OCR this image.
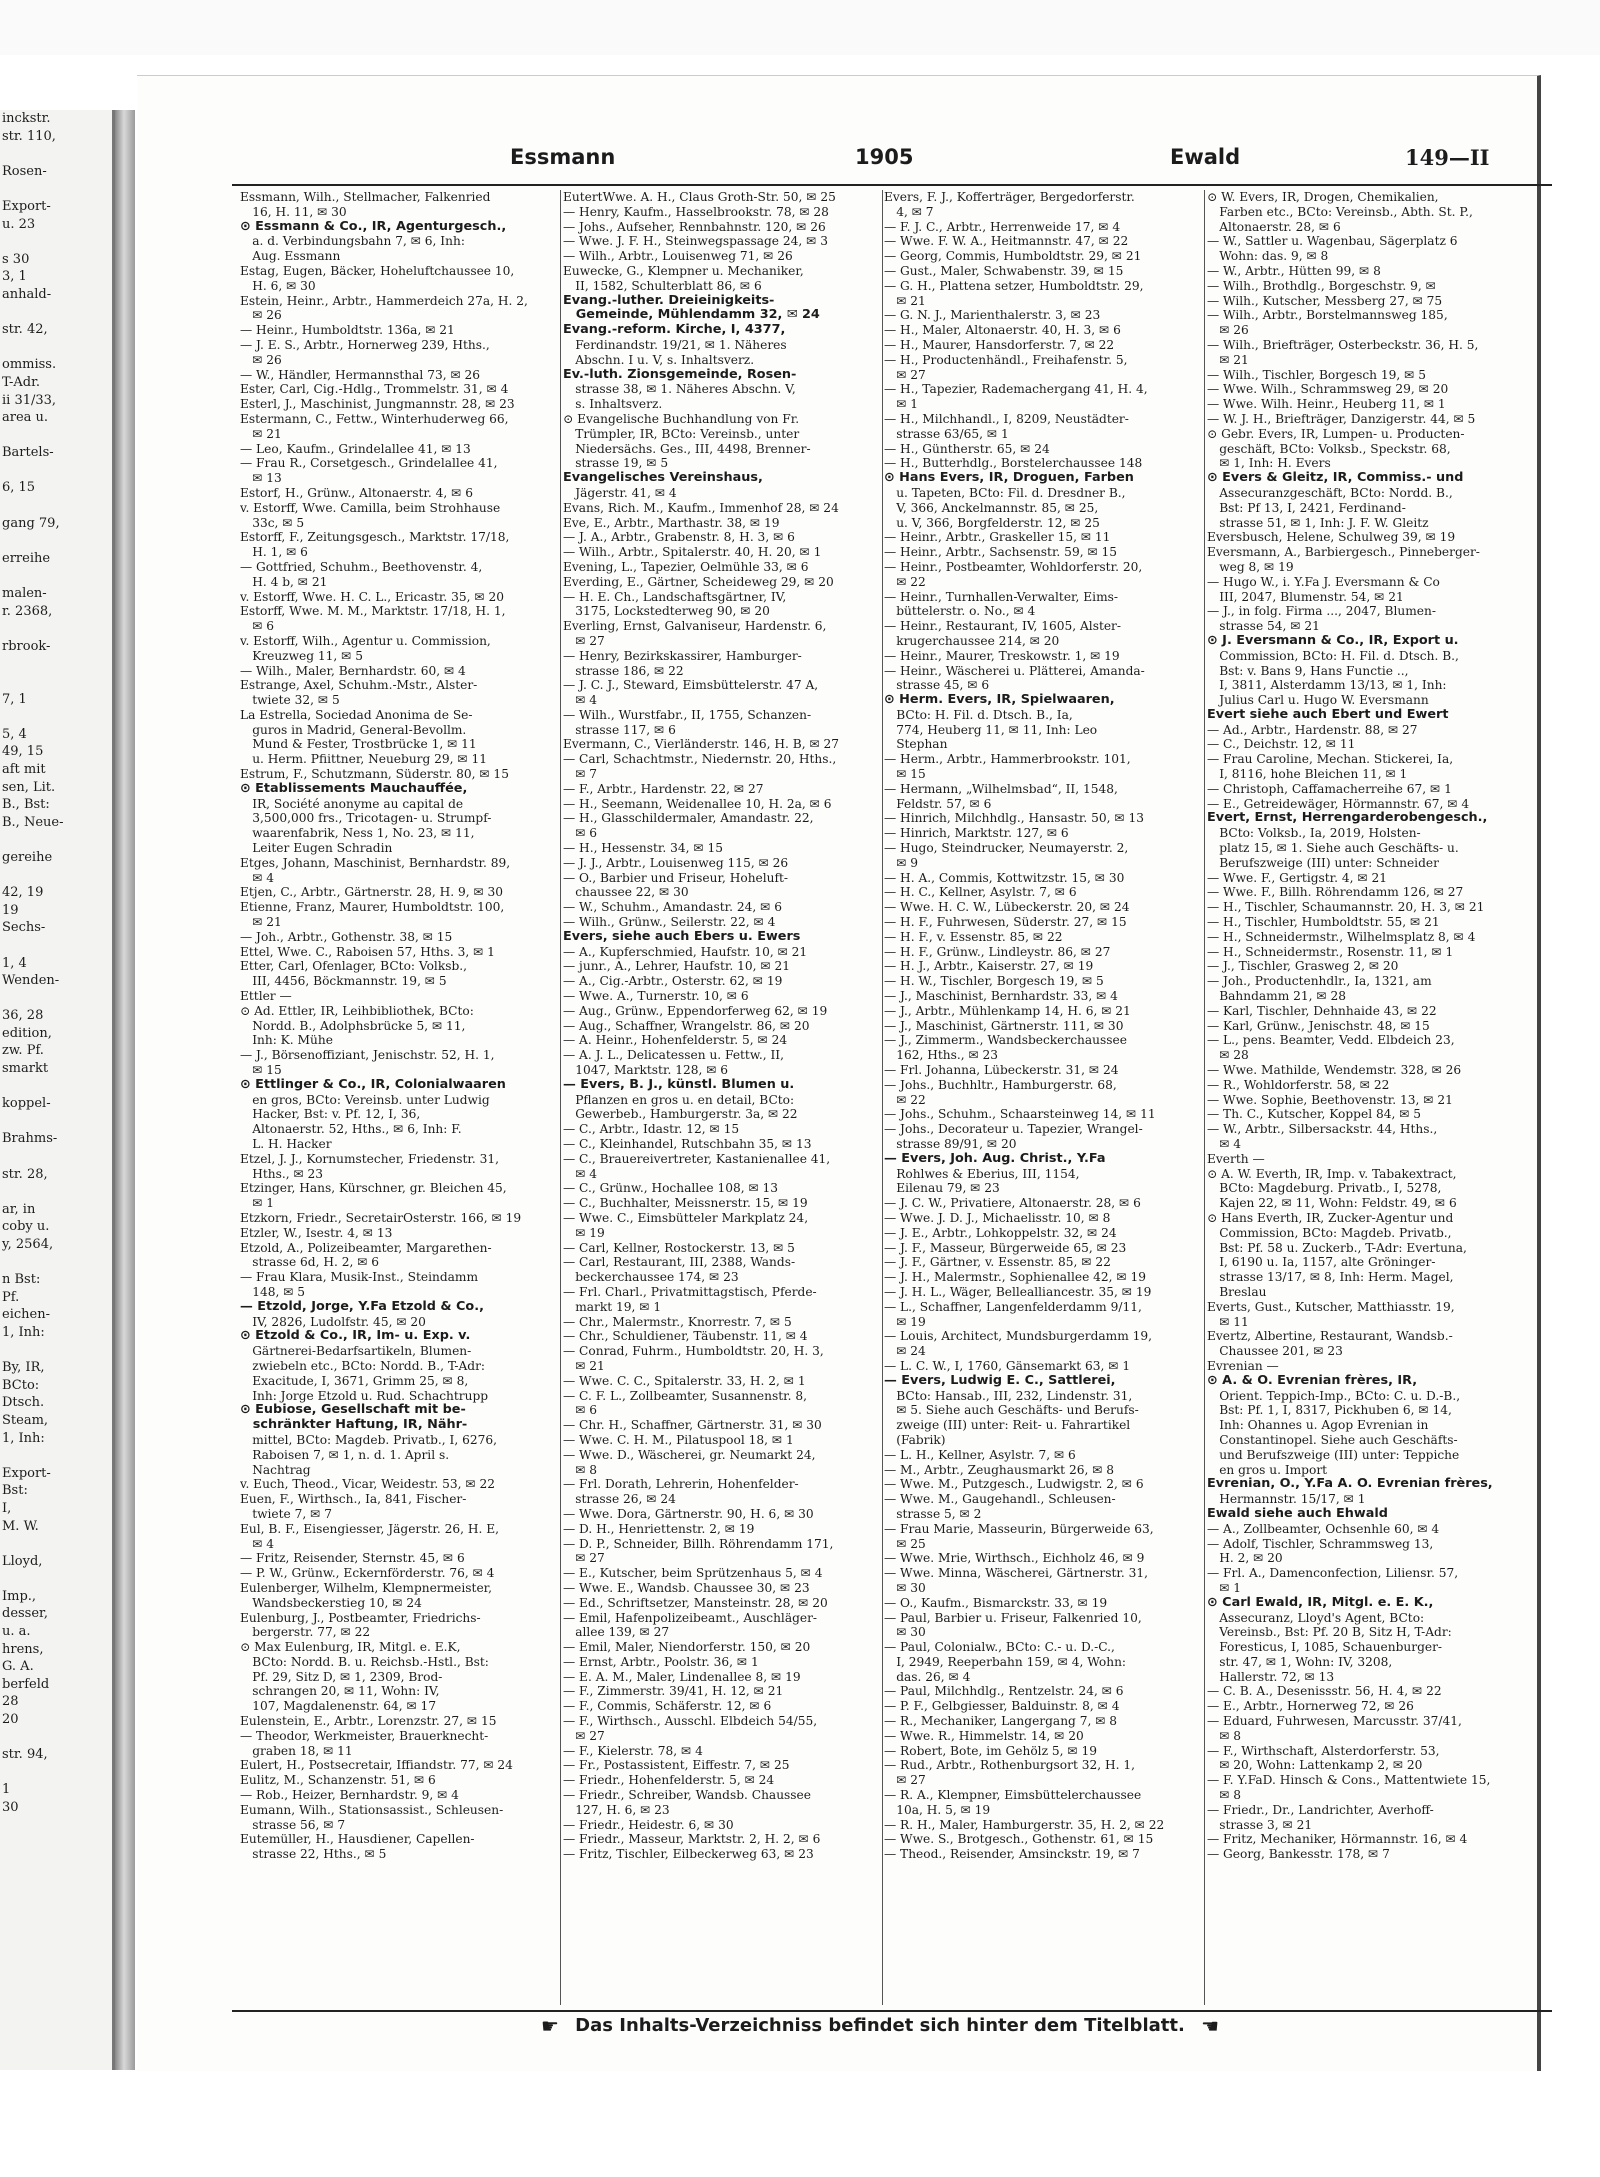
inckstr.
str. 110,

Rosen-

Export-
u. 23

s 30
3, 1
anhald-

str. 42,

ommiss.
T-Adr.
ii 31/33,
area u.

Bartels-

6, 15

gang 79,

erreihe

malen-
r. 2368,

rbrook-

7, 1

5, 4
49, 15
aft mit
sen, Lit.
B., Bst:
B., Neue-

gereihe

42, 19
19
Sechs-

1, 4
Wenden-

36, 28
edition,
zw. Pf.
smarkt

koppel-

Brahms-

str. 28,

ar, in
coby u.
y, 2564,

n Bst:
Pf.
eichen-
1, Inh:

By, IR,
BCto:
Dtsch.
Steam,
1, Inh:

Export-
Bst:
I,
M. W.

Lloyd,

Imp.,
desser,
u. a.
hrens,
G. A.
berfeld
28
20

str. 94,

1
30
Essmann	1905	Ewald	149—II
Essmann, Wilh., Stellmacher, Falkenried
 16, H. 11, ✉ 30
⊙ Essmann & Co., IR, Agenturgesch.,
 a. d. Verbindungsbahn 7, ✉ 6, Inh:
 Aug. Essmann
Estag, Eugen, Bäcker, Hoheluftchaussee 10,
 H. 6, ✉ 30
Estein, Heinr., Arbtr., Hammerdeich 27a, H. 2,
 ✉ 26
— Heinr., Humboldtstr. 136a, ✉ 21
— J. E. S., Arbtr., Hornerweg 239, Hths.,
 ✉ 26
— W., Händler, Hermannsthal 73, ✉ 26
Ester, Carl, Cig.-Hdlg., Trommelstr. 31, ✉ 4
Esterl, J., Maschinist, Jungmannstr. 28, ✉ 23
Estermann, C., Fettw., Winterhuderweg 66,
 ✉ 21
— Leo, Kaufm., Grindelallee 41, ✉ 13
— Frau R., Corsetgesch., Grindelallee 41,
 ✉ 13
Estorf, H., Grünw., Altonaerstr. 4, ✉ 6
v. Estorff, Wwe. Camilla, beim Strohhause
 33c, ✉ 5
Estorff, F., Zeitungsgesch., Marktstr. 17/18,
 H. 1, ✉ 6
— Gottfried, Schuhm., Beethovenstr. 4,
 H. 4 b, ✉ 21
v. Estorff, Wwe. H. C. L., Ericastr. 35, ✉ 20
Estorff, Wwe. M. M., Marktstr. 17/18, H. 1,
 ✉ 6
v. Estorff, Wilh., Agentur u. Commission,
 Kreuzweg 11, ✉ 5
— Wilh., Maler, Bernhardstr. 60, ✉ 4
Estrange, Axel, Schuhm.-Mstr., Alster-
 twiete 32, ✉ 5
La Estrella, Sociedad Anonima de Se-
 guros in Madrid, General-Bevollm.
 Mund & Fester, Trostbrücke 1, ✉ 11
 u. Herm. Pfiittner, Neueburg 29, ✉ 11
Estrum, F., Schutzmann, Süderstr. 80, ✉ 15
⊙ Etablissements Mauchauffée,
 IR, Société anonyme au capital de
 3,500,000 frs., Tricotagen- u. Strumpf-
 waarenfabrik, Ness 1, No. 23, ✉ 11,
 Leiter Eugen Schradin
Etges, Johann, Maschinist, Bernhardstr. 89,
 ✉ 4
Etjen, C., Arbtr., Gärtnerstr. 28, H. 9, ✉ 30
Etienne, Franz, Maurer, Humboldtstr. 100,
 ✉ 21
— Joh., Arbtr., Gothenstr. 38, ✉ 15
Ettel, Wwe. C., Raboisen 57, Hths. 3, ✉ 1
Etter, Carl, Ofenlager, BCto: Volksb.,
 III, 4456, Böckmannstr. 19, ✉ 5
Ettler —
⊙ Ad. Ettler, IR, Leihbibliothek, BCto:
 Nordd. B., Adolphsbrücke 5, ✉ 11,
 Inh: K. Mühe
— J., Börsenoffiziant, Jenischstr. 52, H. 1,
 ✉ 15
⊙ Ettlinger & Co., IR, Colonialwaaren
 en gros, BCto: Vereinsb. unter Ludwig
 Hacker, Bst: v. Pf. 12, I, 36,
 Altonaerstr. 52, Hths., ✉ 6, Inh: F.
 L. H. Hacker
Etzel, J. J., Kornumstecher, Friedenstr. 31,
 Hths., ✉ 23
Etzinger, Hans, Kürschner, gr. Bleichen 45,
 ✉ 1
Etzkorn, Friedr., SecretairOsterstr. 166, ✉ 19
Etzler, W., Isestr. 4, ✉ 13
Etzold, A., Polizeibeamter, Margarethen-
 strasse 6d, H. 2, ✉ 6
— Frau Klara, Musik-Inst., Steindamm
 148, ✉ 5
— Etzold, Jorge, Y.Fa Etzold & Co.,
 IV, 2826, Ludolfstr. 45, ✉ 20
⊙ Etzold & Co., IR, Im- u. Exp. v.
 Gärtnerei-Bedarfsartikeln, Blumen-
 zwiebeln etc., BCto: Nordd. B., T-Adr:
 Exacitude, I, 3671, Grimm 25, ✉ 8,
 Inh: Jorge Etzold u. Rud. Schachtrupp
⊙ Eubiose, Gesellschaft mit be-
 schränkter Haftung, IR, Nähr-
 mittel, BCto: Magdeb. Privatb., I, 6276,
 Raboisen 7, ✉ 1, n. d. 1. April s.
 Nachtrag
v. Euch, Theod., Vicar, Weidestr. 53, ✉ 22
Euen, F., Wirthsch., Ia, 841, Fischer-
 twiete 7, ✉ 7
Eul, B. F., Eisengiesser, Jägerstr. 26, H. E,
 ✉ 4
— Fritz, Reisender, Sternstr. 45, ✉ 6
— P. W., Grünw., Eckernförderstr. 76, ✉ 4
Eulenberger, Wilhelm, Klempnermeister,
 Wandsbeckerstieg 10, ✉ 24
Eulenburg, J., Postbeamter, Friedrichs-
 bergerstr. 77, ✉ 22
⊙ Max Eulenburg, IR, Mitgl. e. E.K,
 BCto: Nordd. B. u. Reichsb.-Hstl., Bst:
 Pf. 29, Sitz D, ✉ 1, 2309, Brod-
 schrangen 20, ✉ 11, Wohn: IV,
 107, Magdalenenstr. 64, ✉ 17
Eulenstein, E., Arbtr., Lorenzstr. 27, ✉ 15
— Theodor, Werkmeister, Brauerknecht-
 graben 18, ✉ 11
Eulert, H., Postsecretair, Iffiandstr. 77, ✉ 24
Eulitz, M., Schanzenstr. 51, ✉ 6
— Rob., Heizer, Bernhardstr. 9, ✉ 4
Eumann, Wilh., Stationsassist., Schleusen-
 strasse 56, ✉ 7
Eutemüller, H., Hausdiener, Capellen-
 strasse 22, Hths., ✉ 5
EutertWwe. A. H., Claus Groth-Str. 50, ✉ 25
— Henry, Kaufm., Hasselbrookstr. 78, ✉ 28
— Johs., Aufseher, Rennbahnstr. 120, ✉ 26
— Wwe. J. F. H., Steinwegspassage 24, ✉ 3
— Wilh., Arbtr., Louisenweg 71, ✉ 26
Euwecke, G., Klempner u. Mechaniker,
 II, 1582, Schulterblatt 86, ✉ 6
Evang.-luther. Dreieinigkeits-
 Gemeinde, Mühlendamm 32, ✉ 24
Evang.-reform. Kirche, I, 4377,
 Ferdinandstr. 19/21, ✉ 1. Näheres
 Abschn. I u. V, s. Inhaltsverz.
Ev.-luth. Zionsgemeinde, Rosen-
 strasse 38, ✉ 1. Näheres Abschn. V,
 s. Inhaltsverz.
⊙ Evangelische Buchhandlung von Fr.
 Trümpler, IR, BCto: Vereinsb., unter
 Niedersächs. Ges., III, 4498, Brenner-
 strasse 19, ✉ 5
Evangelisches Vereinshaus,
 Jägerstr. 41, ✉ 4
Evans, Rich. M., Kaufm., Immenhof 28, ✉ 24
Eve, E., Arbtr., Marthastr. 38, ✉ 19
— J. A., Arbtr., Grabenstr. 8, H. 3, ✉ 6
— Wilh., Arbtr., Spitalerstr. 40, H. 20, ✉ 1
Evening, L., Tapezier, Oelmühle 33, ✉ 6
Everding, E., Gärtner, Scheideweg 29, ✉ 20
— H. E. Ch., Landschaftsgärtner, IV,
 3175, Lockstedterweg 90, ✉ 20
Everling, Ernst, Galvaniseur, Hardenstr. 6,
 ✉ 27
— Henry, Bezirkskassirer, Hamburger-
 strasse 186, ✉ 22
— J. C. J., Steward, Eimsbüttelerstr. 47 A,
 ✉ 4
— Wilh., Wurstfabr., II, 1755, Schanzen-
 strasse 117, ✉ 6
Evermann, C., Vierländerstr. 146, H. B, ✉ 27
— Carl, Schachtmstr., Niedernstr. 20, Hths.,
 ✉ 7
— F., Arbtr., Hardenstr. 22, ✉ 27
— H., Seemann, Weidenallee 10, H. 2a, ✉ 6
— H., Glasschildermaler, Amandastr. 22,
 ✉ 6
— H., Hessenstr. 34, ✉ 15
— J. J., Arbtr., Louisenweg 115, ✉ 26
— O., Barbier und Friseur, Hoheluft-
 chaussee 22, ✉ 30
— W., Schuhm., Amandastr. 24, ✉ 6
— Wilh., Grünw., Seilerstr. 22, ✉ 4
Evers, siehe auch Ebers u. Ewers
— A., Kupferschmied, Haufstr. 10, ✉ 21
— junr., A., Lehrer, Haufstr. 10, ✉ 21
— A., Cig.-Arbtr., Osterstr. 62, ✉ 19
— Wwe. A., Turnerstr. 10, ✉ 6
— Aug., Grünw., Eppendorferweg 62, ✉ 19
— Aug., Schaffner, Wrangelstr. 86, ✉ 20
— A. Heinr., Hohenfelderstr. 5, ✉ 24
— A. J. L., Delicatessen u. Fettw., II,
 1047, Marktstr. 128, ✉ 6
— Evers, B. J., künstl. Blumen u.
 Pflanzen en gros u. en detail, BCto:
 Gewerbeb., Hamburgerstr. 3a, ✉ 22
— C., Arbtr., Idastr. 12, ✉ 15
— C., Kleinhandel, Rutschbahn 35, ✉ 13
— C., Brauereivertreter, Kastanienallee 41,
 ✉ 4
— C., Grünw., Hochallee 108, ✉ 13
— C., Buchhalter, Meissnerstr. 15, ✉ 19
— Wwe. C., Eimsbütteler Markplatz 24,
 ✉ 19
— Carl, Kellner, Rostockerstr. 13, ✉ 5
— Carl, Restaurant, III, 2388, Wands-
 beckerchaussee 174, ✉ 23
— Frl. Charl., Privatmittagstisch, Pferde-
 markt 19, ✉ 1
— Chr., Malermstr., Knorrestr. 7, ✉ 5
— Chr., Schuldiener, Täubenstr. 11, ✉ 4
— Conrad, Fuhrm., Humboldtstr. 20, H. 3,
 ✉ 21
— Wwe. C. C., Spitalerstr. 33, H. 2, ✉ 1
— C. F. L., Zollbeamter, Susannenstr. 8,
 ✉ 6
— Chr. H., Schaffner, Gärtnerstr. 31, ✉ 30
— Wwe. C. H. M., Pilatuspool 18, ✉ 1
— Wwe. D., Wäscherei, gr. Neumarkt 24,
 ✉ 8
— Frl. Dorath, Lehrerin, Hohenfelder-
 strasse 26, ✉ 24
— Wwe. Dora, Gärtnerstr. 90, H. 6, ✉ 30
— D. H., Henriettenstr. 2, ✉ 19
— D. P., Schneider, Billh. Röhrendamm 171,
 ✉ 27
— E., Kutscher, beim Sprützenhaus 5, ✉ 4
— Wwe. E., Wandsb. Chaussee 30, ✉ 23
— Ed., Schriftsetzer, Mansteinstr. 28, ✉ 20
— Emil, Hafenpolizeibeamt., Auschläger-
 allee 139, ✉ 27
— Emil, Maler, Niendorferstr. 150, ✉ 20
— Ernst, Arbtr., Poolstr. 36, ✉ 1
— E. A. M., Maler, Lindenallee 8, ✉ 19
— F., Zimmerstr. 39/41, H. 12, ✉ 21
— F., Commis, Schäferstr. 12, ✉ 6
— F., Wirthsch., Ausschl. Elbdeich 54/55,
 ✉ 27
— F., Kielerstr. 78, ✉ 4
— Fr., Postassistent, Eiffestr. 7, ✉ 25
— Friedr., Hohenfelderstr. 5, ✉ 24
— Friedr., Schreiber, Wandsb. Chaussee
 127, H. 6, ✉ 23
— Friedr., Heidestr. 6, ✉ 30
— Friedr., Masseur, Marktstr. 2, H. 2, ✉ 6
— Fritz, Tischler, Eilbeckerweg 63, ✉ 23
Evers, F. J., Kofferträger, Bergedorferstr.
 4, ✉ 7
— F. J. C., Arbtr., Herrenweide 17, ✉ 4
— Wwe. F. W. A., Heitmannstr. 47, ✉ 22
— Georg, Commis, Humboldtstr. 29, ✉ 21
— Gust., Maler, Schwabenstr. 39, ✉ 15
— G. H., Plattena setzer, Humboldtstr. 29,
 ✉ 21
— G. N. J., Marienthalerstr. 3, ✉ 23
— H., Maler, Altonaerstr. 40, H. 3, ✉ 6
— H., Maurer, Hansdorferstr. 7, ✉ 22
— H., Productenhändl., Freihafenstr. 5,
 ✉ 27
— H., Tapezier, Rademachergang 41, H. 4,
 ✉ 1
— H., Milchhandl., I, 8209, Neustädter-
 strasse 63/65, ✉ 1
— H., Güntherstr. 65, ✉ 24
— H., Butterhdlg., Borstelerchaussee 148
⊙ Hans Evers, IR, Droguen, Farben
 u. Tapeten, BCto: Fil. d. Dresdner B.,
 V, 366, Anckelmannstr. 85, ✉ 25,
 u. V, 366, Borgfelderstr. 12, ✉ 25
— Heinr., Arbtr., Graskeller 15, ✉ 11
— Heinr., Arbtr., Sachsenstr. 59, ✉ 15
— Heinr., Postbeamter, Wohldorferstr. 20,
 ✉ 22
— Heinr., Turnhallen-Verwalter, Eims-
 büttelerstr. o. No., ✉ 4
— Heinr., Restaurant, IV, 1605, Alster-
 krugerchaussee 214, ✉ 20
— Heinr., Maurer, Treskowstr. 1, ✉ 19
— Heinr., Wäscherei u. Plätterei, Amanda-
 strasse 45, ✉ 6
⊙ Herm. Evers, IR, Spielwaaren,
 BCto: H. Fil. d. Dtsch. B., Ia,
 774, Heuberg 11, ✉ 11, Inh: Leo
 Stephan
— Herm., Arbtr., Hammerbrookstr. 101,
 ✉ 15
— Hermann, „Wilhelmsbad“, II, 1548,
 Feldstr. 57, ✉ 6
— Hinrich, Milchhdlg., Hansastr. 50, ✉ 13
— Hinrich, Marktstr. 127, ✉ 6
— Hugo, Steindrucker, Neumayerstr. 2,
 ✉ 9
— H. A., Commis, Kottwitzstr. 15, ✉ 30
— H. C., Kellner, Asylstr. 7, ✉ 6
— Wwe. H. C. W., Lübeckerstr. 20, ✉ 24
— H. F., Fuhrwesen, Süderstr. 27, ✉ 15
— H. F., v. Essenstr. 85, ✉ 22
— H. F., Grünw., Lindleystr. 86, ✉ 27
— H. J., Arbtr., Kaiserstr. 27, ✉ 19
— H. W., Tischler, Borgesch 19, ✉ 5
— J., Maschinist, Bernhardstr. 33, ✉ 4
— J., Arbtr., Mühlenkamp 14, H. 6, ✉ 21
— J., Maschinist, Gärtnerstr. 111, ✉ 30
— J., Zimmerm., Wandsbeckerchaussee
 162, Hths., ✉ 23
— Frl. Johanna, Lübeckerstr. 31, ✉ 24
— Johs., Buchhltr., Hamburgerstr. 68,
 ✉ 22
— Johs., Schuhm., Schaarsteinweg 14, ✉ 11
— Johs., Decorateur u. Tapezier, Wrangel-
 strasse 89/91, ✉ 20
— Evers, Joh. Aug. Christ., Y.Fa
 Rohlwes & Eberius, III, 1154,
 Eilenau 79, ✉ 23
— J. C. W., Privatiere, Altonaerstr. 28, ✉ 6
— Wwe. J. D. J., Michaelisstr. 10, ✉ 8
— J. E., Arbtr., Lohkoppelstr. 32, ✉ 24
— J. F., Masseur, Bürgerweide 65, ✉ 23
— J. F., Gärtner, v. Essenstr. 85, ✉ 22
— J. H., Malermstr., Sophienallee 42, ✉ 19
— J. H. L., Wäger, Bellealliancestr. 35, ✉ 19
— L., Schaffner, Langenfelderdamm 9/11,
 ✉ 19
— Louis, Architect, Mundsburgerdamm 19,
 ✉ 24
— L. C. W., I, 1760, Gänsemarkt 63, ✉ 1
— Evers, Ludwig E. C., Sattlerei,
 BCto: Hansab., III, 232, Lindenstr. 31,
 ✉ 5. Siehe auch Geschäfts- und Berufs-
 zweige (III) unter: Reit- u. Fahrartikel
 (Fabrik)
— L. H., Kellner, Asylstr. 7, ✉ 6
— M., Arbtr., Zeughausmarkt 26, ✉ 8
— Wwe. M., Putzgesch., Ludwigstr. 2, ✉ 6
— Wwe. M., Gaugehandl., Schleusen-
 strasse 5, ✉ 2
— Frau Marie, Masseurin, Bürgerweide 63,
 ✉ 25
— Wwe. Mrie, Wirthsch., Eichholz 46, ✉ 9
— Wwe. Minna, Wäscherei, Gärtnerstr. 31,
 ✉ 30
— O., Kaufm., Bismarckstr. 33, ✉ 19
— Paul, Barbier u. Friseur, Falkenried 10,
 ✉ 30
— Paul, Colonialw., BCto: C.- u. D.-C.,
 I, 2949, Reeperbahn 159, ✉ 4, Wohn:
 das. 26, ✉ 4
— Paul, Milchhdlg., Rentzelstr. 24, ✉ 6
— P. F., Gelbgiesser, Balduinstr. 8, ✉ 4
— R., Mechaniker, Langergang 7, ✉ 8
— Wwe. R., Himmelstr. 14, ✉ 20
— Robert, Bote, im Gehölz 5, ✉ 19
— Rud., Arbtr., Rothenburgsort 32, H. 1,
 ✉ 27
— R. A., Klempner, Eimsbüttelerchaussee
 10a, H. 5, ✉ 19
— R. H., Maler, Hamburgerstr. 35, H. 2, ✉ 22
— Wwe. S., Brotgesch., Gothenstr. 61, ✉ 15
— Theod., Reisender, Amsinckstr. 19, ✉ 7
⊙ W. Evers, IR, Drogen, Chemikalien,
 Farben etc., BCto: Vereinsb., Abth. St. P.,
 Altonaerstr. 28, ✉ 6
— W., Sattler u. Wagenbau, Sägerplatz 6
 Wohn: das. 9, ✉ 8
— W., Arbtr., Hütten 99, ✉ 8
— Wilh., Brothdlg., Borgeschstr. 9, ✉
— Wilh., Kutscher, Messberg 27, ✉ 75
— Wilh., Arbtr., Borstelmannsweg 185,
 ✉ 26
— Wilh., Briefträger, Osterbeckstr. 36, H. 5,
 ✉ 21
— Wilh., Tischler, Borgesch 19, ✉ 5
— Wwe. Wilh., Schrammsweg 29, ✉ 20
— Wwe. Wilh. Heinr., Heuberg 11, ✉ 1
— W. J. H., Briefträger, Danzigerstr. 44, ✉ 5
⊙ Gebr. Evers, IR, Lumpen- u. Producten-
 geschäft, BCto: Volksb., Speckstr. 68,
 ✉ 1, Inh: H. Evers
⊙ Evers & Gleitz, IR, Commiss.- und
 Assecuranzgeschäft, BCto: Nordd. B.,
 Bst: Pf 13, I, 2421, Ferdinand-
 strasse 51, ✉ 1, Inh: J. F. W. Gleitz
Eversbusch, Helene, Schulweg 39, ✉ 19
Eversmann, A., Barbiergesch., Pinneberger-
 weg 8, ✉ 19
— Hugo W., i. Y.Fa J. Eversmann & Co
 III, 2047, Blumenstr. 54, ✉ 21
— J., in folg. Firma ..., 2047, Blumen-
 strasse 54, ✉ 21
⊙ J. Eversmann & Co., IR, Export u.
 Commission, BCto: H. Fil. d. Dtsch. B.,
 Bst: v. Bans 9, Hans Functie ..,
 I, 3811, Alsterdamm 13/13, ✉ 1, Inh:
 Julius Carl u. Hugo W. Eversmann
Evert siehe auch Ebert und Ewert
— Ad., Arbtr., Hardenstr. 88, ✉ 27
— C., Deichstr. 12, ✉ 11
— Frau Caroline, Mechan. Stickerei, Ia,
 I, 8116, hohe Bleichen 11, ✉ 1
— Christoph, Caffamacherreihe 67, ✉ 1
— E., Getreidewäger, Hörmannstr. 67, ✉ 4
Evert, Ernst, Herrengarderobengesch.,
 BCto: Volksb., Ia, 2019, Holsten-
 platz 15, ✉ 1. Siehe auch Geschäfts- u.
 Berufszweige (III) unter: Schneider
— Wwe. F., Gertigstr. 4, ✉ 21
— Wwe. F., Billh. Röhrendamm 126, ✉ 27
— H., Tischler, Schaumannstr. 20, H. 3, ✉ 21
— H., Tischler, Humboldtstr. 55, ✉ 21
— H., Schneidermstr., Wilhelmsplatz 8, ✉ 4
— H., Schneidermstr., Rosenstr. 11, ✉ 1
— J., Tischler, Grasweg 2, ✉ 20
— Joh., Productenhdlr., Ia, 1321, am
 Bahndamm 21, ✉ 28
— Karl, Tischler, Dehnhaide 43, ✉ 22
— Karl, Grünw., Jenischstr. 48, ✉ 15
— L., pens. Beamter, Vedd. Elbdeich 23,
 ✉ 28
— Wwe. Mathilde, Wendemstr. 328, ✉ 26
— R., Wohldorferstr. 58, ✉ 22
— Wwe. Sophie, Beethovenstr. 13, ✉ 21
— Th. C., Kutscher, Koppel 84, ✉ 5
— W., Arbtr., Silbersackstr. 44, Hths.,
 ✉ 4
Everth —
⊙ A. W. Everth, IR, Imp. v. Tabakextract,
 BCto: Magdeburg. Privatb., I, 5278,
 Kajen 22, ✉ 11, Wohn: Feldstr. 49, ✉ 6
⊙ Hans Everth, IR, Zucker-Agentur und
 Commission, BCto: Magdeb. Privatb.,
 Bst: Pf. 58 u. Zuckerb., T-Adr: Evertuna,
 I, 6190 u. Ia, 1157, alte Gröninger-
 strasse 13/17, ✉ 8, Inh: Herm. Magel,
 Breslau
Everts, Gust., Kutscher, Matthiasstr. 19,
 ✉ 11
Evertz, Albertine, Restaurant, Wandsb.-
 Chaussee 201, ✉ 23
Evrenian —
⊙ A. & O. Evrenian frères, IR,
 Orient. Teppich-Imp., BCto: C. u. D.-B.,
 Bst: Pf. 1, I, 8317, Pickhuben 6, ✉ 14,
 Inh: Ohannes u. Agop Evrenian in
 Constantinopel. Siehe auch Geschäfts-
 und Berufszweige (III) unter: Teppiche
 en gros u. Import
Evrenian, O., Y.Fa A. O. Evrenian frères,
 Hermannstr. 15/17, ✉ 1
Ewald siehe auch Ehwald
— A., Zollbeamter, Ochsenhle 60, ✉ 4
— Adolf, Tischler, Schrammsweg 13,
 H. 2, ✉ 20
— Frl. A., Damenconfection, Liliensr. 57,
 ✉ 1
⊙ Carl Ewald, IR, Mitgl. e. E. K.,
 Assecuranz, Lloyd's Agent, BCto:
 Vereinsb., Bst: Pf. 20 B, Sitz H, T-Adr:
 Foresticus, I, 1085, Schauenburger-
 str. 47, ✉ 1, Wohn: IV, 3208,
 Hallerstr. 72, ✉ 13
— C. B. A., Desenissstr. 56, H. 4, ✉ 22
— E., Arbtr., Hornerweg 72, ✉ 26
— Eduard, Fuhrwesen, Marcusstr. 37/41,
 ✉ 8
— F., Wirthschaft, Alsterdorferstr. 53,
 ✉ 20, Wohn: Lattenkamp 2, ✉ 20
— F. Y.FaD. Hinsch & Cons., Mattentwiete 15,
 ✉ 8
— Friedr., Dr., Landrichter, Averhoff-
 strasse 3, ✉ 21
— Fritz, Mechaniker, Hörmannstr. 16, ✉ 4
— Georg, Bankesstr. 178, ✉ 7
☛ Das Inhalts-Verzeichniss befindet sich hinter dem Titelblatt. ☚
